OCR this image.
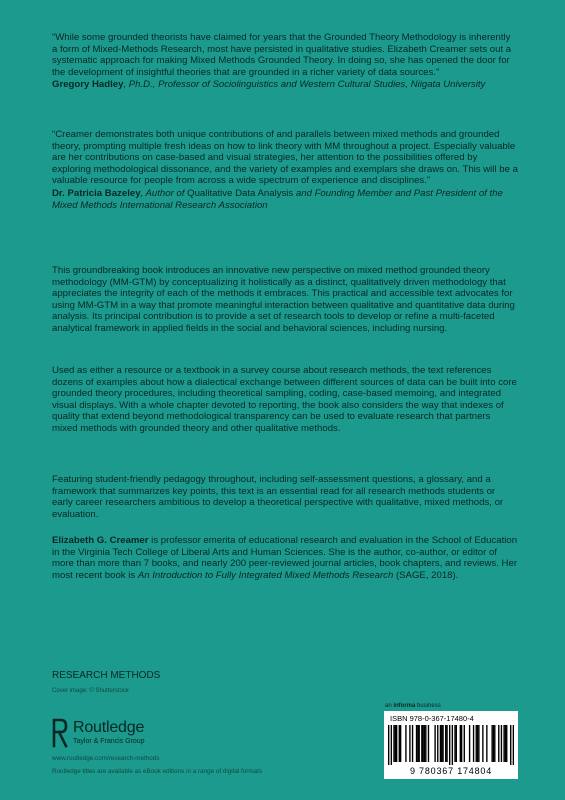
“While some grounded theorists have claimed for years that the Grounded Theory Methodology is inherently a form of Mixed-Methods Research, most have persisted in qualitative studies. Elizabeth Creamer sets out a systematic approach for making Mixed Methods Grounded Theory. In doing so, she has opened the door for the development of insightful theories that are grounded in a richer variety of data sources.”

Gregory Hadley, Ph.D., Professor of Sociolinguistics and Western Cultural Studies, Niigata University

“Creamer demonstrates both unique contributions of and parallels between mixed methods and grounded theory, prompting multiple fresh ideas on how to link theory with MM throughout a project. Especially valuable are her contributions on case-based and visual strategies, her attention to the possibilities offered by exploring methodological dissonance, and the variety of examples and exemplars she draws on. This will be a valuable resource for people from across a wide spectrum of experience and disciplines.”

Dr. Patricia Bazeley, Author of Qualitative Data Analysis and Founding Member and Past President of the Mixed Methods International Research Association

This groundbreaking book introduces an innovative new perspective on mixed method grounded theory methodology (MM-GTM) by conceptualizing it holistically as a distinct, qualitatively driven methodology that appreciates the integrity of each of the methods it embraces. This practical and accessible text advocates for using MM-GTM in a way that promote meaningful interaction between qualitative and quantitative data during analysis. Its principal contribution is to provide a set of research tools to develop or refine a multi-faceted analytical framework in applied fields in the social and behavioral sciences, including nursing.

Used as either a resource or a textbook in a survey course about research methods, the text references dozens of examples about how a dialectical exchange between different sources of data can be built into core grounded theory procedures, including theoretical sampling, coding, case-based memoing, and integrated visual displays. With a whole chapter devoted to reporting, the book also considers the way that indexes of quality that extend beyond methodological transparency can be used to evaluate research that partners mixed methods with grounded theory and other qualitative methods.

Featuring student-friendly pedagogy throughout, including self-assessment questions, a glossary, and a framework that summarizes key points, this text is an essential read for all research methods students or early career researchers ambitious to develop a theoretical perspective with qualitative, mixed methods, or evaluation.

Elizabeth G. Creamer is professor emerita of educational research and evaluation in the School of Education in the Virginia Tech College of Liberal Arts and Human Sciences. She is the author, co-author, or editor of more than more than 7 books, and nearly 200 peer-reviewed journal articles, book chapters, and reviews. Her most recent book is An Introduction to Fully Integrated Mixed Methods Research (SAGE, 2018).

RESEARCH METHODS
Cover image: © Shutterstock
Routledge
Taylor & Francis Group
www.routledge.com/research-methods
Routledge titles are available as eBook editions in a range of digital formats
an informa business
ISBN 978-0-367-17480-4
9 780367 174804
